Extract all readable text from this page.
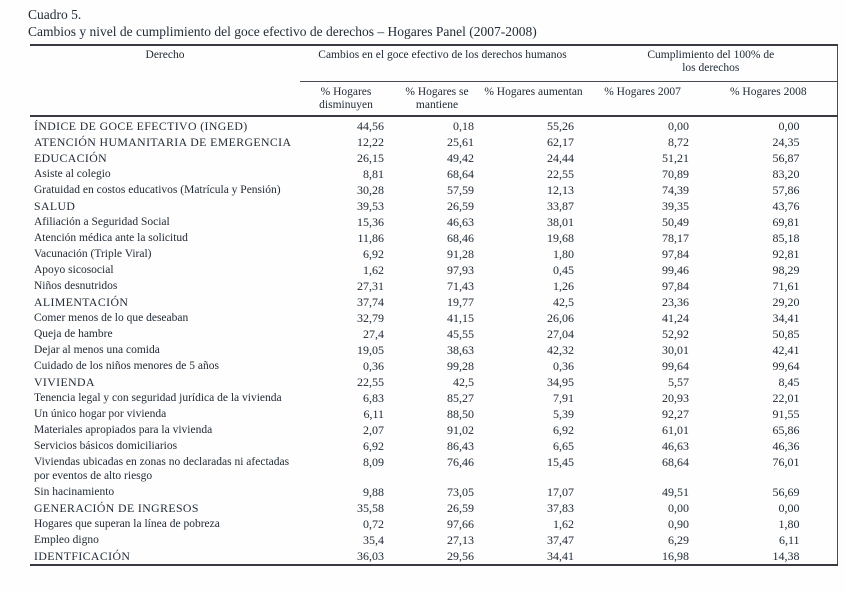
Cuadro 5.
Cambios y nivel de cumplimiento del goce efectivo de derechos – Hogares Panel (2007-2008)
Derecho	Cambios en el goce efectivo de los derechos humanos			Cumplimiento del 100% de los derechos	
	% Hogares disminuyen	% Hogares se mantiene	% Hogares aumentan	% Hogares 2007	% Hogares 2008
ÍNDICE DE GOCE EFECTIVO (INGED)	44,56	0,18	55,26	0,00	0,00
ATENCIÓN HUMANITARIA DE EMERGENCIA	12,22	25,61	62,17	8,72	24,35
EDUCACIÓN	26,15	49,42	24,44	51,21	56,87
Asiste al colegio	8,81	68,64	22,55	70,89	83,20
Gratuidad en costos educativos (Matrícula y Pensión)	30,28	57,59	12,13	74,39	57,86
SALUD	39,53	26,59	33,87	39,35	43,76
Afiliación a Seguridad Social	15,36	46,63	38,01	50,49	69,81
Atención médica ante la solicitud	11,86	68,46	19,68	78,17	85,18
Vacunación (Triple Viral)	6,92	91,28	1,80	97,84	92,81
Apoyo sicosocial	1,62	97,93	0,45	99,46	98,29
Niños desnutridos	27,31	71,43	1,26	97,84	71,61
ALIMENTACIÓN	37,74	19,77	42,5	23,36	29,20
Comer menos de lo que deseaban	32,79	41,15	26,06	41,24	34,41
Queja de hambre	27,4	45,55	27,04	52,92	50,85
Dejar al menos una comida	19,05	38,63	42,32	30,01	42,41
Cuidado de los niños menores de 5 años	0,36	99,28	0,36	99,64	99,64
VIVIENDA	22,55	42,5	34,95	5,57	8,45
Tenencia legal y con seguridad jurídica de la vivienda	6,83	85,27	7,91	20,93	22,01
Un único hogar por vivienda	6,11	88,50	5,39	92,27	91,55
Materiales apropiados para la vivienda	2,07	91,02	6,92	61,01	65,86
Servicios básicos domiciliarios	6,92	86,43	6,65	46,63	46,36
Viviendas ubicadas en zonas no declaradas ni afectadas por eventos de alto riesgo	8,09	76,46	15,45	68,64	76,01
Sin hacinamiento	9,88	73,05	17,07	49,51	56,69
GENERACIÓN DE INGRESOS	35,58	26,59	37,83	0,00	0,00
Hogares que superan la línea de pobreza	0,72	97,66	1,62	0,90	1,80
Empleo digno	35,4	27,13	37,47	6,29	6,11
IDENTFICACIÓN	36,03	29,56	34,41	16,98	14,38
